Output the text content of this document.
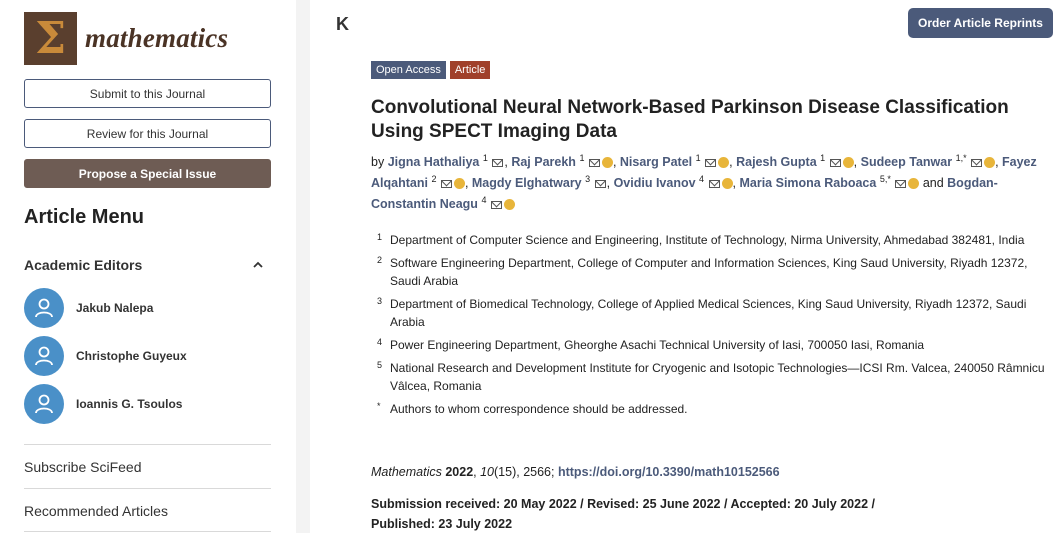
Σ mathematics
Submit to this Journal
Review for this Journal
Propose a Special Issue
Article Menu
Academic Editors
Jakub Nalepa
Christophe Guyeux
Ioannis G. Tsoulos
Subscribe SciFeed
Recommended Articles
K	Order Article Reprints
Open Access	Article
Convolutional Neural Network-Based Parkinson Disease Classification
Using SPECT Imaging Data
by Jigna Hathaliya $^1$ , Raj Parekh $^1$ , Nisarg Patel $^1$ , Rajesh Gupta $^1$ , Sudeep Tanwar $^{1,*}$ , Fayez Alqahtani $^2$ , Magdy Elghatwary $^3$ , Ovidiu Ivanov $^4$ , Maria Simona Raboaca $^{5,*}$	and Bogdan-Constantin Neagu $^4$
1 Department of Computer Science and Engineering, Institute of Technology, Nirma University, Ahmedabad 382481, India
2 Software Engineering Department, College of Computer and Information Sciences, King Saud University, Riyadh 12372, Saudi Arabia
3 Department of Biomedical Technology, College of Applied Medical Sciences, King Saud University, Riyadh 12372, Saudi Arabia
4 Power Engineering Department, Gheorghe Asachi Technical University of Iasi, 700050 Iasi, Romania
5 National Research and Development Institute for Cryogenic and Isotopic Technologies—ICSI Rm. Valcea, 240050 Râmnicu Vâlcea, Romania
* Authors to whom correspondence should be addressed.
Mathematics 2022, 10(15), 2566; https://doi.org/10.3390/math10152566
Submission received: 20 May 2022 / Revised: 25 June 2022 / Accepted: 20 July 2022 / Published: 23 July 2022
